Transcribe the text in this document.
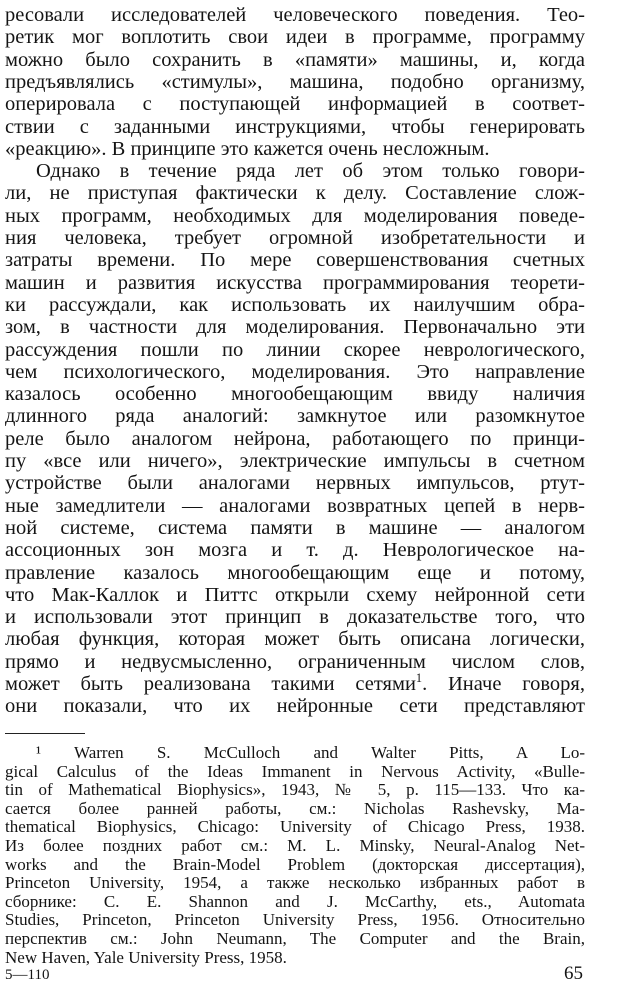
ресовали исследователей человеческого поведения. Тео-
ретик мог воплотить свои идеи в программе, программу
можно было сохранить в «памяти» машины, и, когда
предъявлялись «стимулы», машина, подобно организму,
оперировала с поступающей информацией в соответ-
ствии с заданными инструкциями, чтобы генерировать
«реакцию». В принципе это кажется очень несложным.
Однако в течение ряда лет об этом только говори-
ли, не приступая фактически к делу. Составление слож-
ных программ, необходимых для моделирования поведе-
ния человека, требует огромной изобретательности и
затраты времени. По мере совершенствования счетных
машин и развития искусства программирования теорети-
ки рассуждали, как использовать их наилучшим обра-
зом, в частности для моделирования. Первоначально эти
рассуждения пошли по линии скорее неврологического,
чем психологического, моделирования. Это направление
казалось особенно многообещающим ввиду наличия
длинного ряда аналогий: замкнутое или разомкнутое
реле было аналогом нейрона, работающего по принци-
пу «все или ничего», электрические импульсы в счетном
устройстве были аналогами нервных импульсов, ртут-
ные замедлители — аналогами возвратных цепей в нерв-
ной системе, система памяти в машине — аналогом
ассоционных зон мозга и т. д. Неврологическое на-
правление казалось многообещающим еще и потому,
что Мак-Каллок и Питтс открыли схему нейронной сети
и использовали этот принцип в доказательстве того, что
любая функция, которая может быть описана логически,
прямо и недвусмысленно, ограниченным числом слов,
может быть реализована такими сетями$^1$. Иначе говоря,
они показали, что их нейронные сети представляют
¹ Warren S. McCulloch and Walter Pitts, A Lo-
gical Calculus of the Ideas Immanent in Nervous Activity, «Bulle-
tin of Mathematical Biophysics», 1943, № 5, p. 115—133. Что ка-
сается более ранней работы, см.: Nicholas Rashevsky, Ma-
thematical Biophysics, Chicago: University of Chicago Press, 1938.
Из более поздних работ см.: M. L. Minsky, Neural-Analog Net-
works and the Brain-Model Problem (докторская диссертация),
Princeton University, 1954, а также несколько избранных работ в
сборнике: C. E. Shannon and J. McCarthy, ets., Automata
Studies, Princeton, Princeton University Press, 1956. Относительно
перспектив см.: John Neumann, The Computer and the Brain,
New Haven, Yale University Press, 1958.
5—110	65
